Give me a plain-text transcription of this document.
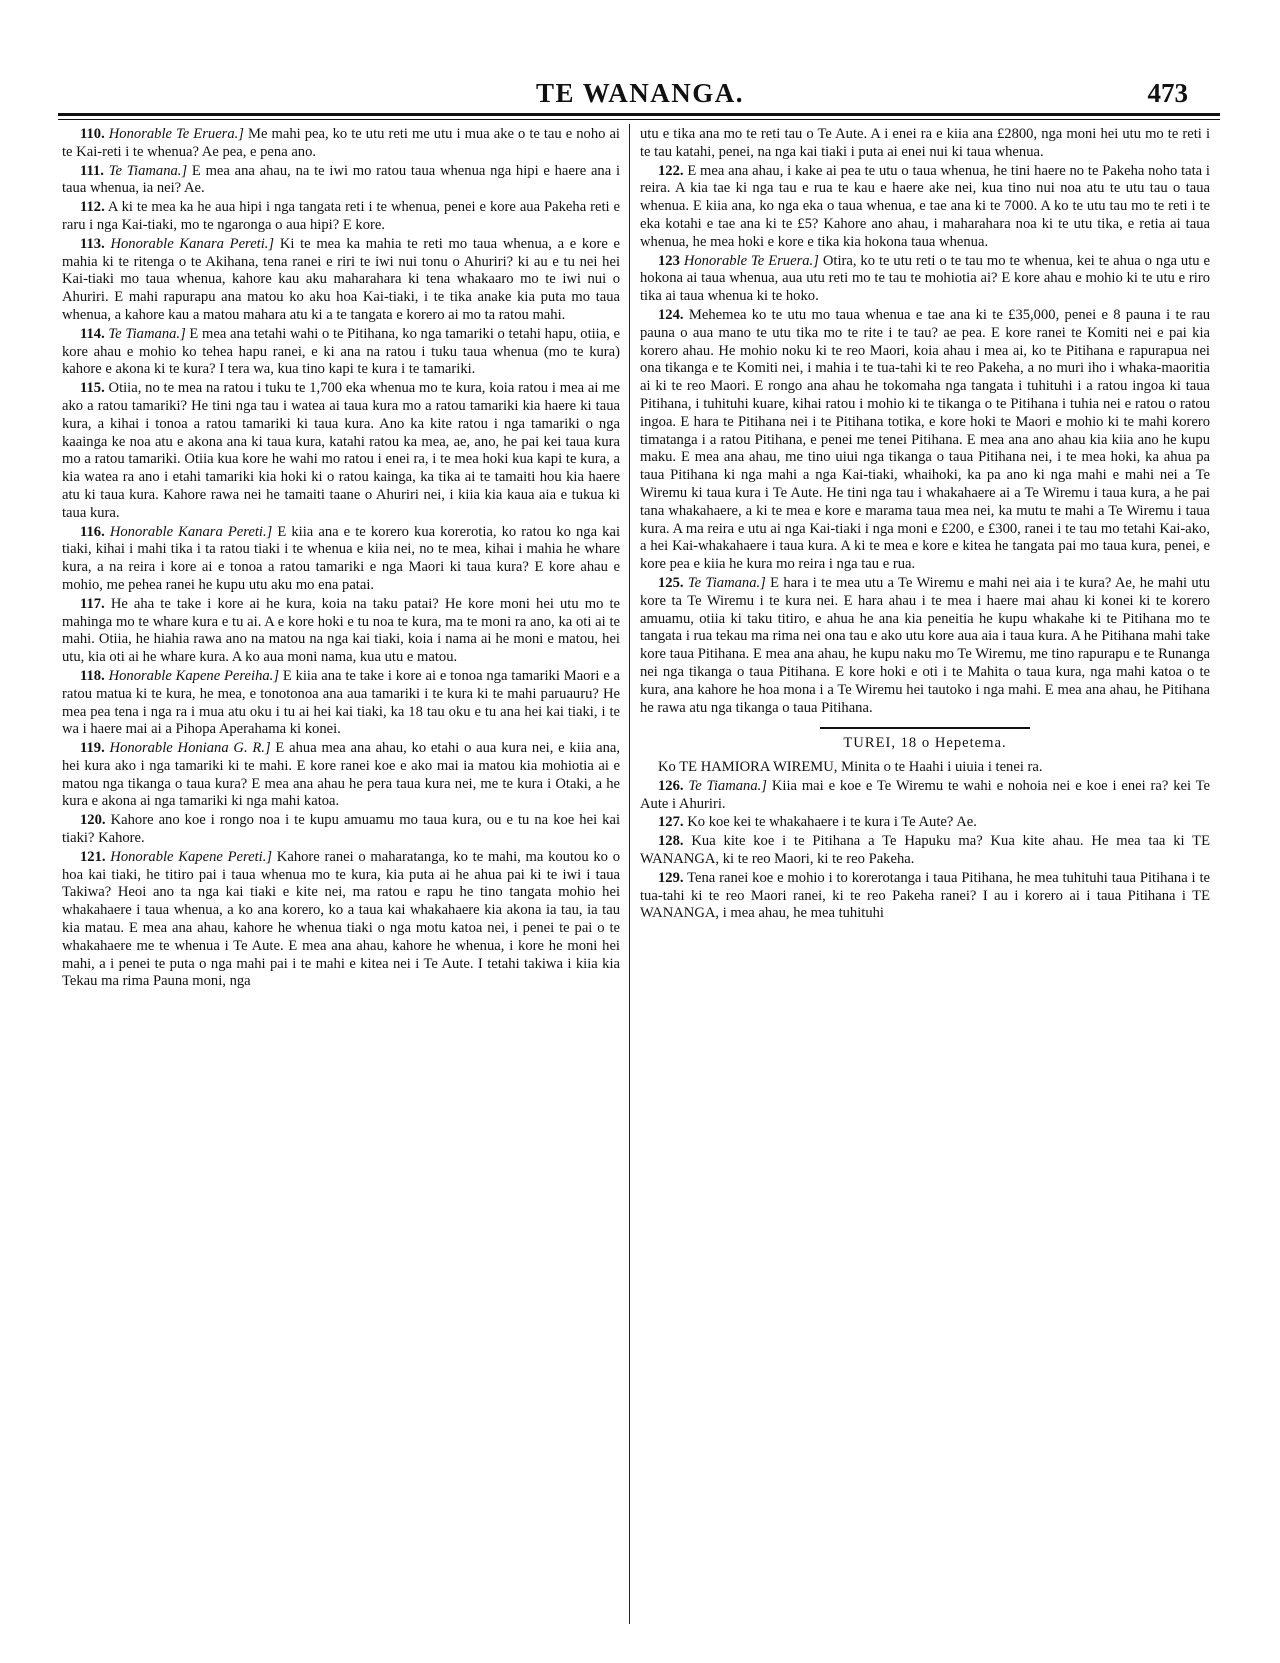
TE WANANGA.	473

110. Honorable Te Eruera.] Me mahi pea, ko te utu reti me utu i mua ake o te tau e noho ai te Kai-reti i te whenua? Ae pea, e pena ano.

111. Te Tiamana.] E mea ana ahau, na te iwi mo ratou taua whenua nga hipi e haere ana i taua whenua, ia nei? Ae.

112. A ki te mea ka he aua hipi i nga tangata reti i te whenua, penei e kore aua Pakeha reti e raru i nga Kai-tiaki, mo te ngaronga o aua hipi? E kore.

113. Honorable Kanara Pereti.] Ki te mea ka mahia te reti mo taua whenua, a e kore e mahia ki te ritenga o te Akihana, tena ranei e riri te iwi nui tonu o Ahuriri? ki au e tu nei hei Kai-tiaki mo taua whenua, kahore kau aku maharahara ki tena whakaaro mo te iwi nui o Ahuriri. E mahi rapurapu ana matou ko aku hoa Kai-tiaki, i te tika anake kia puta mo taua whenua, a kahore kau a matou mahara atu ki a te tangata e korero ai mo ta ratou mahi.

114. Te Tiamana.] E mea ana tetahi wahi o te Pitihana, ko nga tamariki o tetahi hapu, otiia, e kore ahau e mohio ko tehea hapu ranei, e ki ana na ratou i tuku taua whenua (mo te kura) kahore e akona ki te kura? I tera wa, kua tino kapi te kura i te tamariki.

115. Otiia, no te mea na ratou i tuku te 1,700 eka whenua mo te kura, koia ratou i mea ai me ako a ratou tamariki? He tini nga tau i watea ai taua kura mo a ratou tamariki kia haere ki taua kura, a kihai i tonoa a ratou tamariki ki taua kura. Ano ka kite ratou i nga tamariki o nga kaainga ke noa atu e akona ana ki taua kura, katahi ratou ka mea, ae, ano, he pai kei taua kura mo a ratou tamariki. Otiia kua kore he wahi mo ratou i enei ra, i te mea hoki kua kapi te kura, a kia watea ra ano i etahi tamariki kia hoki ki o ratou kainga, ka tika ai te tamaiti hou kia haere atu ki taua kura. Kahore rawa nei he tamaiti taane o Ahuriri nei, i kiia kia kaua aia e tukua ki taua kura.

116. Honorable Kanara Pereti.] E kiia ana e te korero kua korerotia, ko ratou ko nga kai tiaki, kihai i mahi tika i ta ratou tiaki i te whenua e kiia nei, no te mea, kihai i mahia he whare kura, a na reira i kore ai e tonoa a ratou tamariki e nga Maori ki taua kura? E kore ahau e mohio, me pehea ranei he kupu utu aku mo ena patai.

117. He aha te take i kore ai he kura, koia na taku patai? He kore moni hei utu mo te mahinga mo te whare kura e tu ai. A e kore hoki e tu noa te kura, ma te moni ra ano, ka oti ai te mahi. Otiia, he hiahia rawa ano na matou na nga kai tiaki, koia i nama ai he moni e matou, hei utu, kia oti ai he whare kura. A ko aua moni nama, kua utu e matou.

118. Honorable Kapene Pereiha.] E kiia ana te take i kore ai e tonoa nga tamariki Maori e a ratou matua ki te kura, he mea, e tonotonoa ana aua tamariki i te kura ki te mahi paruauru? He mea pea tena i nga ra i mua atu oku i tu ai hei kai tiaki, ka 18 tau oku e tu ana hei kai tiaki, i te wa i haere mai ai a Pihopa Aperahama ki konei.

119. Honorable Honiana G. R.] E ahua mea ana ahau, ko etahi o aua kura nei, e kiia ana, hei kura ako i nga tamariki ki te mahi. E kore ranei koe e ako mai ia matou kia mohiotia ai e matou nga tikanga o taua kura? E mea ana ahau he pera taua kura nei, me te kura i Otaki, a he kura e akona ai nga tamariki ki nga mahi katoa.

120. Kahore ano koe i rongo noa i te kupu amuamu mo taua kura, ou e tu na koe hei kai tiaki? Kahore.

121. Honorable Kapene Pereti.] Kahore ranei o maharatanga, ko te mahi, ma koutou ko o hoa kai tiaki, he titiro pai i taua whenua mo te kura, kia puta ai he ahua pai ki te iwi i taua Takiwa? Heoi ano ta nga kai tiaki e kite nei, ma ratou e rapu he tino tangata mohio hei whakahaere i taua whenua, a ko ana korero, ko a taua kai whakahaere kia akona ia tau, ia tau kia matau. E mea ana ahau, kahore he whenua tiaki o nga motu katoa nei, i penei te pai o te whakahaere me te whenua i Te Aute. E mea ana ahau, kahore he whenua, i kore he moni hei mahi, a i penei te puta o nga mahi pai i te mahi e kitea nei i Te Aute. I tetahi takiwa i kiia kia Tekau ma rima Pauna moni, nga

utu e tika ana mo te reti tau o Te Aute. A i enei ra e kiia ana £2800, nga moni hei utu mo te reti i te tau katahi, penei, na nga kai tiaki i puta ai enei nui ki taua whenua.

122. E mea ana ahau, i kake ai pea te utu o taua whenua, he tini haere no te Pakeha noho tata i reira. A kia tae ki nga tau e rua te kau e haere ake nei, kua tino nui noa atu te utu tau o taua whenua. E kiia ana, ko nga eka o taua whenua, e tae ana ki te 7000. A ko te utu tau mo te reti i te eka kotahi e tae ana ki te £5? Kahore ano ahau, i maharahara noa ki te utu tika, e retia ai taua whenua, he mea hoki e kore e tika kia hokona taua whenua.

123 Honorable Te Eruera.] Otira, ko te utu reti o te tau mo te whenua, kei te ahua o nga utu e hokona ai taua whenua, aua utu reti mo te tau te mohiotia ai? E kore ahau e mohio ki te utu e riro tika ai taua whenua ki te hoko.

124. Mehemea ko te utu mo taua whenua e tae ana ki te £35,000, penei e 8 pauna i te rau pauna o aua mano te utu tika mo te rite i te tau? ae pea. E kore ranei te Komiti nei e pai kia korero ahau. He mohio noku ki te reo Maori, koia ahau i mea ai, ko te Pitihana e rapurapua nei ona tikanga e te Komiti nei, i mahia i te tua-tahi ki te reo Pakeha, a no muri iho i whaka-maoritia ai ki te reo Maori. E rongo ana ahau he tokomaha nga tangata i tuhituhi i a ratou ingoa ki taua Pitihana, i tuhituhi kuare, kihai ratou i mohio ki te tikanga o te Pitihana i tuhia nei e ratou o ratou ingoa. E hara te Pitihana nei i te Pitihana totika, e kore hoki te Maori e mohio ki te mahi korero timatanga i a ratou Pitihana, e penei me tenei Pitihana. E mea ana ano ahau kia kiia ano he kupu maku. E mea ana ahau, me tino uiui nga tikanga o taua Pitihana nei, i te mea hoki, ka ahua pa taua Pitihana ki nga mahi a nga Kai-tiaki, whaihoki, ka pa ano ki nga mahi e mahi nei a Te Wiremu ki taua kura i Te Aute. He tini nga tau i whakahaere ai a Te Wiremu i taua kura, a he pai tana whakahaere, a ki te mea e kore e marama taua mea nei, ka mutu te mahi a Te Wiremu i taua kura. A ma reira e utu ai nga Kai-tiaki i nga moni e £200, e £300, ranei i te tau mo tetahi Kai-ako, a hei Kai-whakahaere i taua kura. A ki te mea e kore e kitea he tangata pai mo taua kura, penei, e kore pea e kiia he kura mo reira i nga tau e rua.

125. Te Tiamana.] E hara i te mea utu a Te Wiremu e mahi nei aia i te kura? Ae, he mahi utu kore ta Te Wiremu i te kura nei. E hara ahau i te mea i haere mai ahau ki konei ki te korero amuamu, otiia ki taku titiro, e ahua he ana kia peneitia he kupu whakahe ki te Pitihana mo te tangata i rua tekau ma rima nei ona tau e ako utu kore aua aia i taua kura. A he Pitihana mahi take kore taua Pitihana. E mea ana ahau, he kupu naku mo Te Wiremu, me tino rapurapu e te Runanga nei nga tikanga o taua Pitihana. E kore hoki e oti i te Mahita o taua kura, nga mahi katoa o te kura, ana kahore he hoa mona i a Te Wiremu hei tautoko i nga mahi. E mea ana ahau, he Pitihana he rawa atu nga tikanga o taua Pitihana.

TUREI, 18 o Hepetema.

Ko TE HAMIORA WIREMU, Minita o te Haahi i uiuia i tenei ra.

126. Te Tiamana.] Kiia mai e koe e Te Wiremu te wahi e nohoia nei e koe i enei ra? kei Te Aute i Ahuriri.

127. Ko koe kei te whakahaere i te kura i Te Aute? Ae.

128. Kua kite koe i te Pitihana a Te Hapuku ma? Kua kite ahau. He mea taa ki TE WANANGA, ki te reo Maori, ki te reo Pakeha.

129. Tena ranei koe e mohio i to korerotanga i taua Pitihana, he mea tuhituhi taua Pitihana i te tua-tahi ki te reo Maori ranei, ki te reo Pakeha ranei? I au i korero ai i taua Pitihana i TE WANANGA, i mea ahau, he mea tuhituhi
